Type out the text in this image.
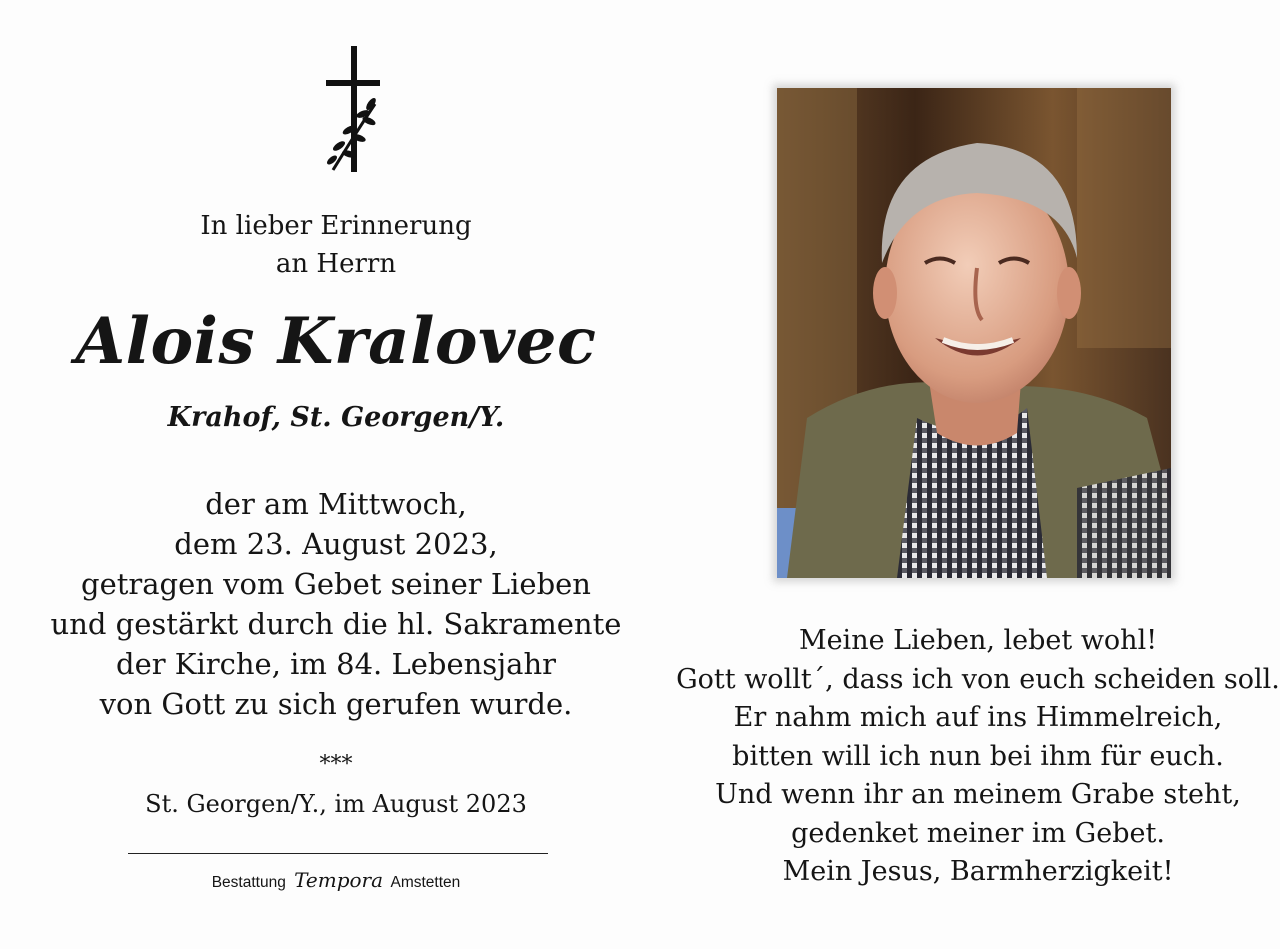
In lieber Erinnerung
an Herrn
Alois Kralovec
Krahof, St. Georgen/Y.
der am Mittwoch,
dem 23. August 2023,
getragen vom Gebet seiner Lieben
und gestärkt durch die hl. Sakramente
der Kirche, im 84. Lebensjahr
von Gott zu sich gerufen wurde.
***
St. Georgen/Y., im August 2023
Bestattung Tempora Amstetten
Meine Lieben, lebet wohl!
Gott wollt´, dass ich von euch scheiden soll.
Er nahm mich auf ins Himmelreich,
bitten will ich nun bei ihm für euch.
Und wenn ihr an meinem Grabe steht,
gedenket meiner im Gebet.
Mein Jesus, Barmherzigkeit!
